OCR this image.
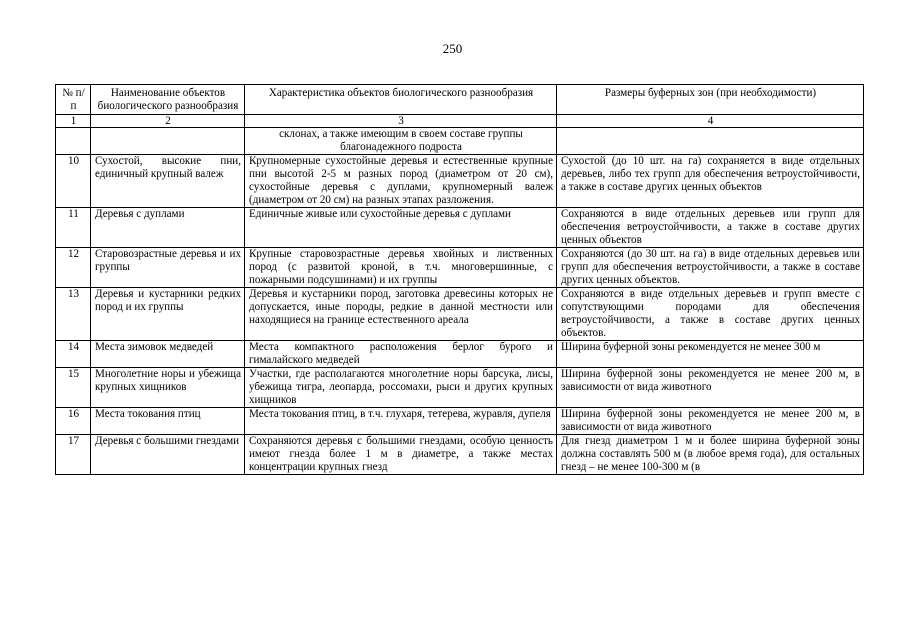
250
№ п/п	Наименование объектов биологического разнообразия	Характеристика объектов биологического разнообразия	Размеры буферных зон (при необходимости)
1	2	3	4
		склонах, а также имеющим в своем составе группы благонадежного подроста	
10	Сухостой, высокие пни, единичный крупный валеж	Крупномерные сухостойные деревья и естественные крупные пни высотой 2-5 м разных пород (диаметром от 20 см), сухостойные деревья с дуплами, крупномерный валеж (диаметром от 20 см) на разных этапах разложения.	Сухостой (до 10 шт. на га) сохраняется в виде отдельных деревьев, либо тех групп для обеспечения ветроустойчивости, а также в составе других ценных объектов
11	Деревья с дуплами	Единичные живые или сухостойные деревья с дуплами	Сохраняются в виде отдельных деревьев или групп для обеспечения ветроустойчивости, а также в составе других ценных объектов
12	Старовозрастные деревья и их группы	Крупные старовозрастные деревья хвойных и лиственных пород (с развитой кроной, в т.ч. многовершинные, с пожарными подсушинами) и их группы	Сохраняются (до 30 шт. на га) в виде отдельных деревьев или групп для обеспечения ветроустойчивости, а также в составе других ценных объектов.
13	Деревья и кустарники редких пород и их группы	Деревья и кустарники пород, заготовка древесины которых не допускается, иные породы, редкие в данной местности или находящиеся на границе естественного ареала	Сохраняются в виде отдельных деревьев и групп вместе с сопутствующими породами для обеспечения ветроустойчивости, а также в составе других ценных объектов.
14	Места зимовок медведей	Места компактного расположения берлог бурого и гималайского медведей	Ширина буферной зоны рекомендуется не менее 300 м
15	Многолетние норы и убежища крупных хищников	Участки, где располагаются многолетние норы барсука, лисы, убежища тигра, леопарда, россомахи, рыси и других крупных хищников	Ширина буферной зоны рекомендуется не менее 200 м, в зависимости от вида животного
16	Места токования птиц	Места токования птиц, в т.ч. глухаря, тетерева, журавля, дупеля	Ширина буферной зоны рекомендуется не менее 200 м, в зависимости от вида животного
17	Деревья с большими гнездами	Сохраняются деревья с большими гнездами, особую ценность имеют гнезда более 1 м в диаметре, а также местах концентрации крупных гнезд	Для гнезд диаметром 1 м и более ширина буферной зоны должна составлять 500 м (в любое время года), для остальных гнезд – не менее 100-300 м (в
